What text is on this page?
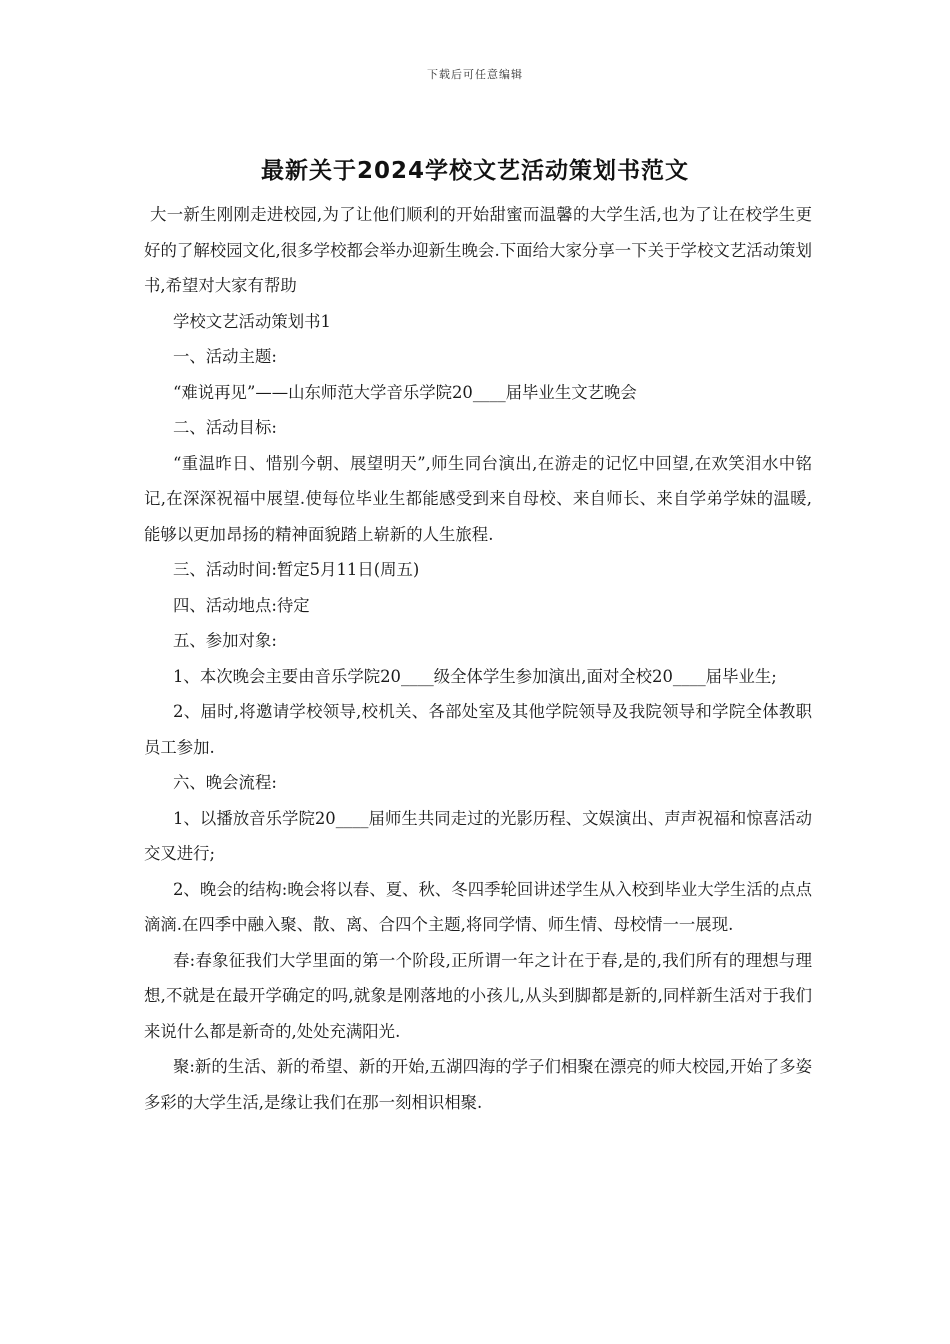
下载后可任意编辑
最新关于2024学校文艺活动策划书范文

大一新生刚刚走进校园,为了让他们顺利的开始甜蜜而温馨的大学生活,也为了让在校学生更好的了解校园文化,很多学校都会举办迎新生晚会.下面给大家分享一下关于学校文艺活动策划书,希望对大家有帮助

学校文艺活动策划书1

一、活动主题:

“难说再见”——山东师范大学音乐学院20____届毕业生文艺晚会

二、活动目标:

“重温昨日、惜别今朝、展望明天”,师生同台演出,在游走的记忆中回望,在欢笑泪水中铭记,在深深祝福中展望.使每位毕业生都能感受到来自母校、来自师长、来自学弟学妹的温暖,能够以更加昂扬的精神面貌踏上崭新的人生旅程.

三、活动时间:暂定5月11日(周五)

四、活动地点:待定

五、参加对象:

1、本次晚会主要由音乐学院20____级全体学生参加演出,面对全校20____届毕业生;

2、届时,将邀请学校领导,校机关、各部处室及其他学院领导及我院领导和学院全体教职员工参加.

六、晚会流程:

1、以播放音乐学院20____届师生共同走过的光影历程、文娱演出、声声祝福和惊喜活动交叉进行;

2、晚会的结构:晚会将以春、夏、秋、冬四季轮回讲述学生从入校到毕业大学生活的点点滴滴.在四季中融入聚、散、离、合四个主题,将同学情、师生情、母校情一一展现.

春:春象征我们大学里面的第一个阶段,正所谓一年之计在于春,是的,我们所有的理想与理想,不就是在最开学确定的吗,就象是刚落地的小孩儿,从头到脚都是新的,同样新生活对于我们来说什么都是新奇的,处处充满阳光.

聚:新的生活、新的希望、新的开始,五湖四海的学子们相聚在漂亮的师大校园,开始了多姿多彩的大学生活,是缘让我们在那一刻相识相聚.
